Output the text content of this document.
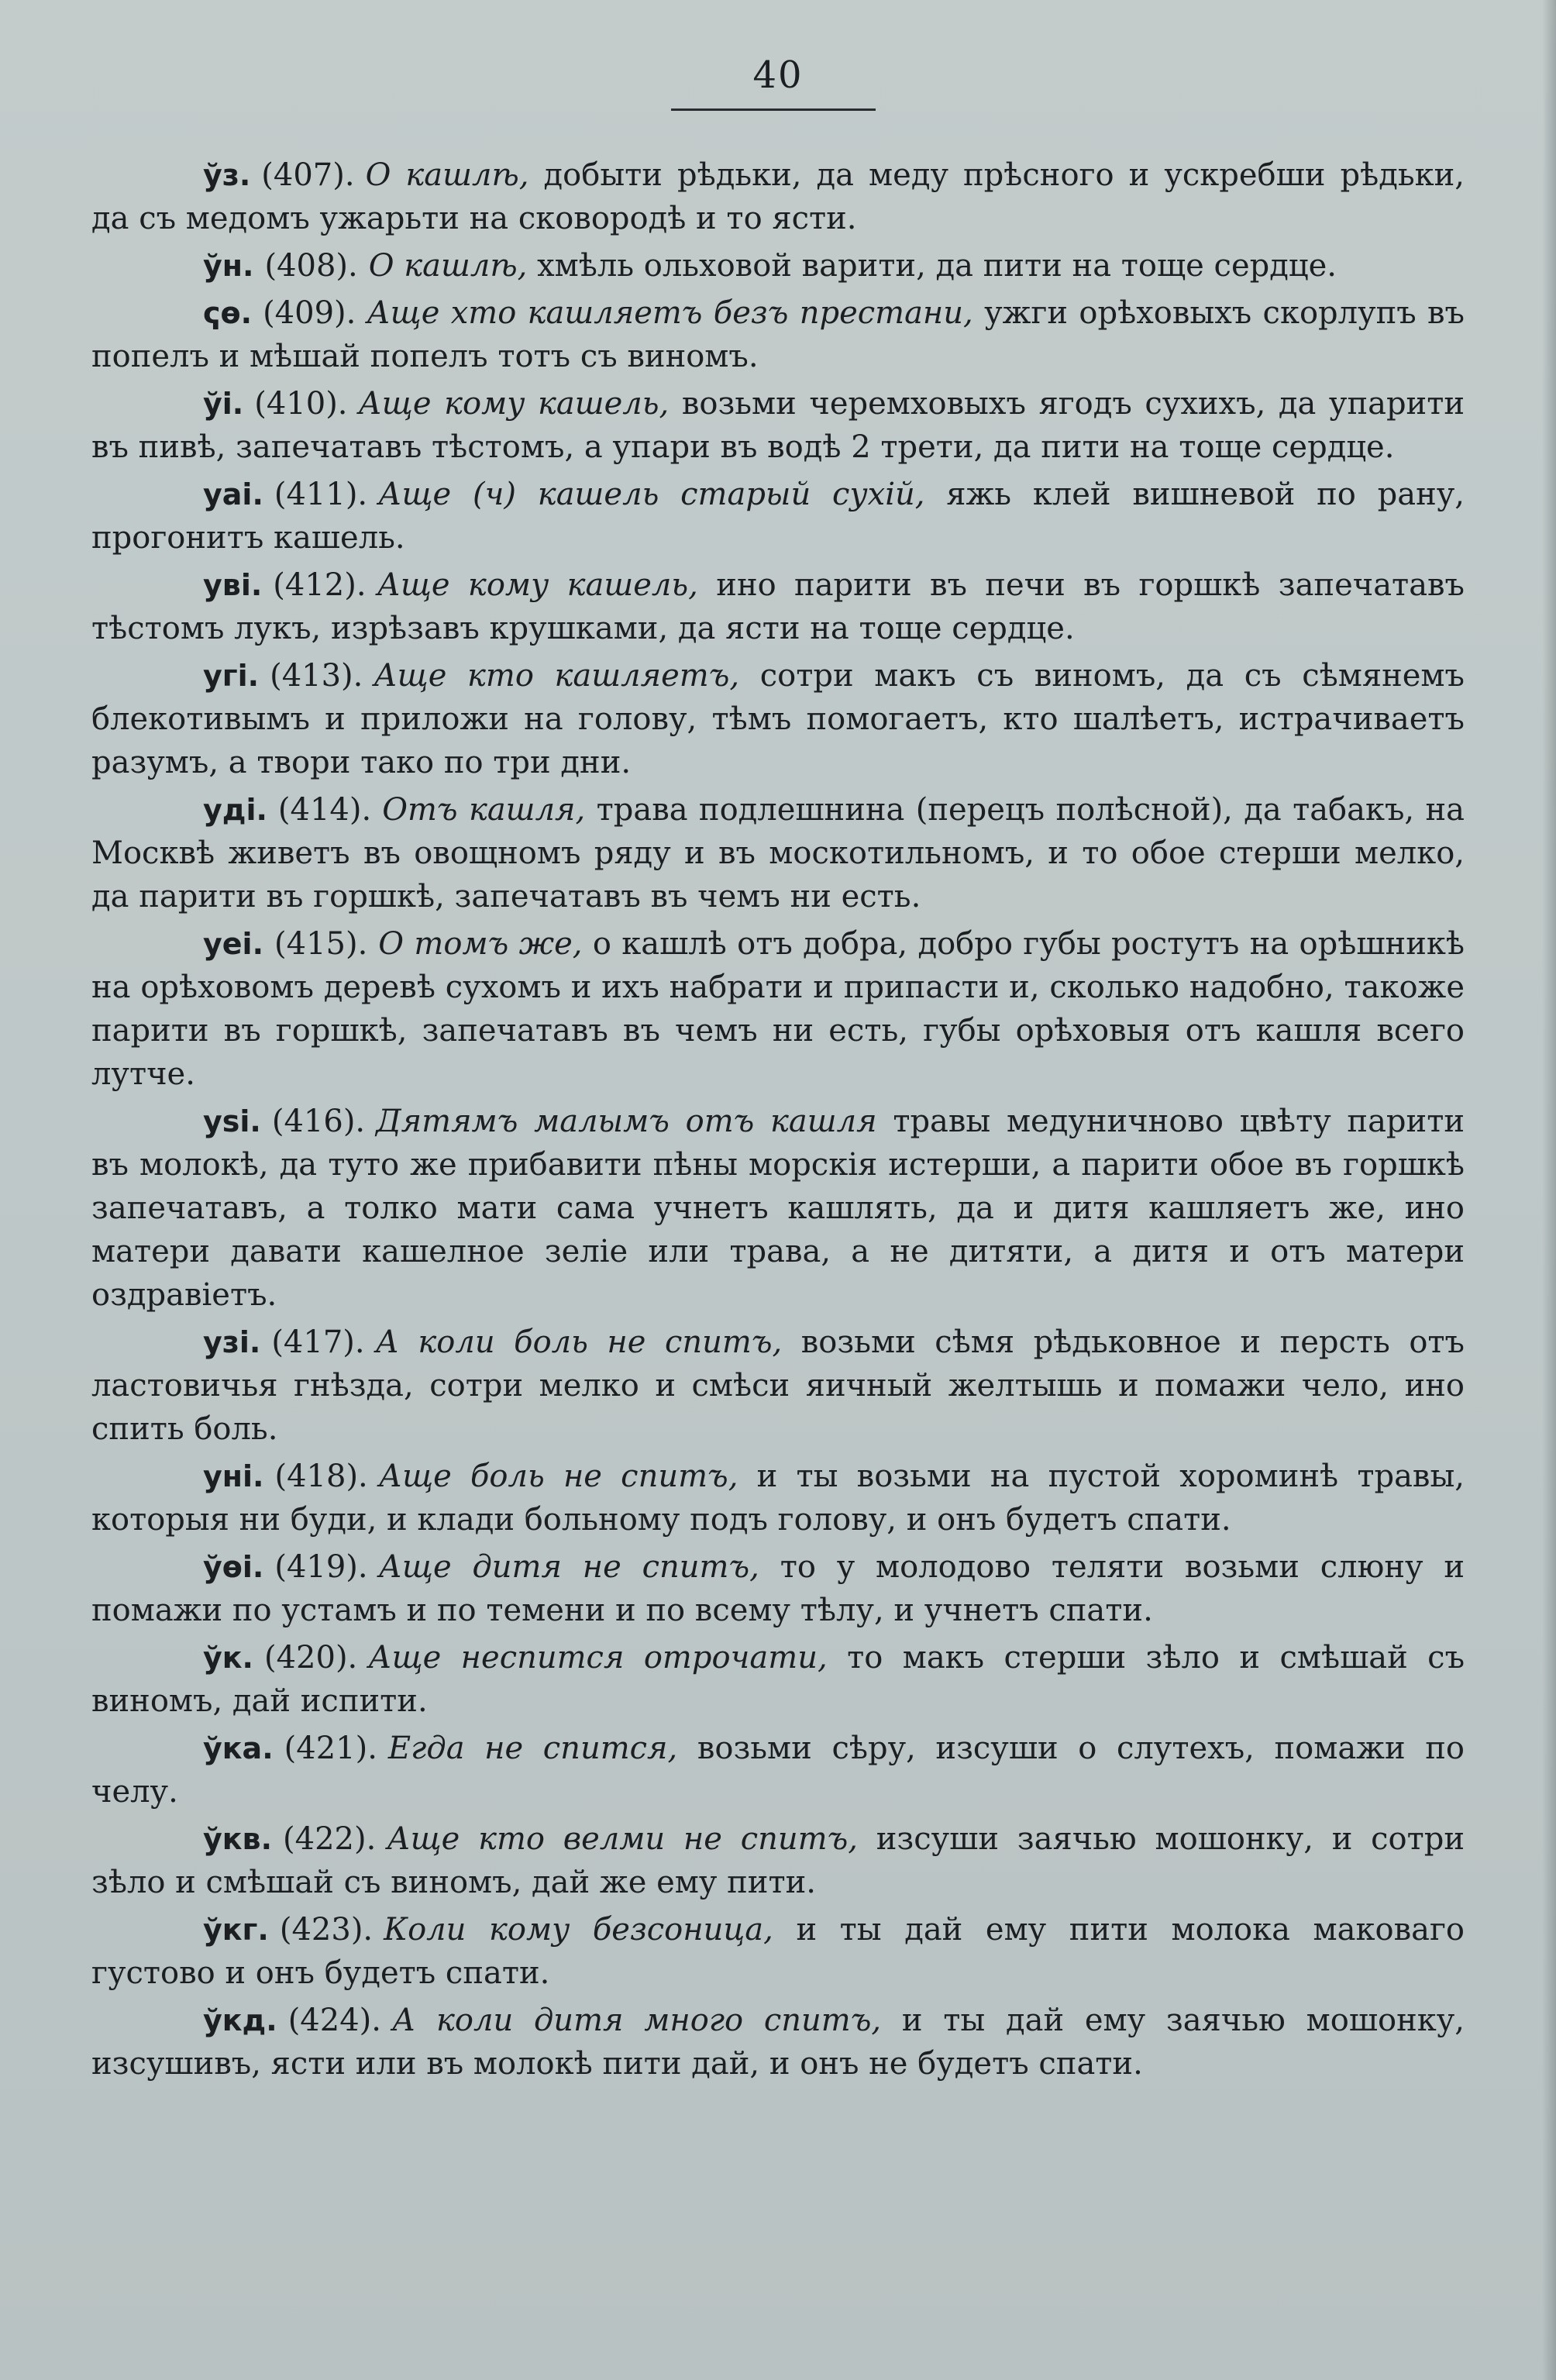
40

ўз. (407). О кашлѣ, добыти рѣдьки, да меду прѣсного и ускребши рѣдьки, да съ медомъ ужарьти на сковородѣ и то ясти.

ўн. (408). О кашлѣ, хмѣль ольховой варити, да пити на тоще сердце.

ҁѳ. (409). Аще хто кашляетъ безъ престани, ужги орѣховыхъ скорлупъ въ попелъ и мѣшай попелъ тотъ съ виномъ.

ўі. (410). Аще кому кашель, возьми черемховыхъ ягодъ сухихъ, да упарити въ пивѣ, запечатавъ тѣстомъ, а упари въ водѣ 2 трети, да пити на тоще сердце.

уаі. (411). Аще (ч) кашель старый сухій, яжь клей вишневой по рану, прогонитъ кашель.

увi. (412). Аще кому кашель, ино парити въ печи въ горшкѣ запечатавъ тѣстомъ лукъ, изрѣзавъ крушками, да ясти на тоще сердце.

угі. (413). Аще кто кашляетъ, сотри макъ съ виномъ, да съ сѣмянемъ блекотивымъ и приложи на голову, тѣмъ помогаетъ, кто шалѣетъ, истрачиваетъ разумъ, а твори тако по три дни.

удi. (414). Отъ кашля, трава подлешнина (перецъ полѣсной), да табакъ, на Москвѣ живетъ въ овощномъ ряду и въ москотильномъ, и то обое стерши мелко, да парити въ горшкѣ, запечатавъ въ чемъ ни есть.

уеі. (415). О томъ же, о кашлѣ отъ добра, добро губы ростутъ на орѣшникѣ на орѣховомъ деревѣ сухомъ и ихъ набрати и припасти и, сколько надобно, такожe парити въ горшкѣ, запечатавъ въ чемъ ни есть, губы орѣховыя отъ кашля всего лутче.

уѕі. (416). Дятямъ малымъ отъ кашля травы медуничново цвѣту парити въ молокѣ, да туто же прибавити пѣны морскія истерши, а парити обое въ горшкѣ запечатавъ, а толко мати сама учнетъ кашлять, да и дитя кашляетъ же, ино матери давати кашелное зеліе или трава, а не дитяти, а дитя и отъ матери оздравіетъ.

узі. (417). А коли боль не спитъ, возьми сѣмя рѣдьковное и персть отъ ластовичья гнѣзда, сотри мелко и смѣси яичный желтышь и помажи чело, ино спить боль.

уні. (418). Аще боль не спитъ, и ты возьми на пустой хороминѣ травы, которыя ни буди, и клади больному подъ голову, и онъ будетъ спати.

ўѳі. (419). Аще дитя не спитъ, то у молодово теляти возьми слюну и помажи по устамъ и по темени и по всему тѣлу, и учнетъ спати.

ўк. (420). Аще неспится отрочати, то макъ стерши зѣло и смѣшай съ виномъ, дай испити.

ўка. (421). Егда не спится, возьми сѣру, изсуши о слутехъ, помажи по челу.

ўкв. (422). Аще кто велми не спитъ, изсуши заячью мошонку, и сотри зѣло и смѣшай съ виномъ, дай же ему пити.

ўкг. (423). Коли кому безсоница, и ты дай ему пити молока маковаго густово и онъ будетъ спати.

ўкд. (424). А коли дитя много спитъ, и ты дай ему заячью мошонку, изсушивъ, ясти или въ молокѣ пити дай, и онъ не будетъ спати.
